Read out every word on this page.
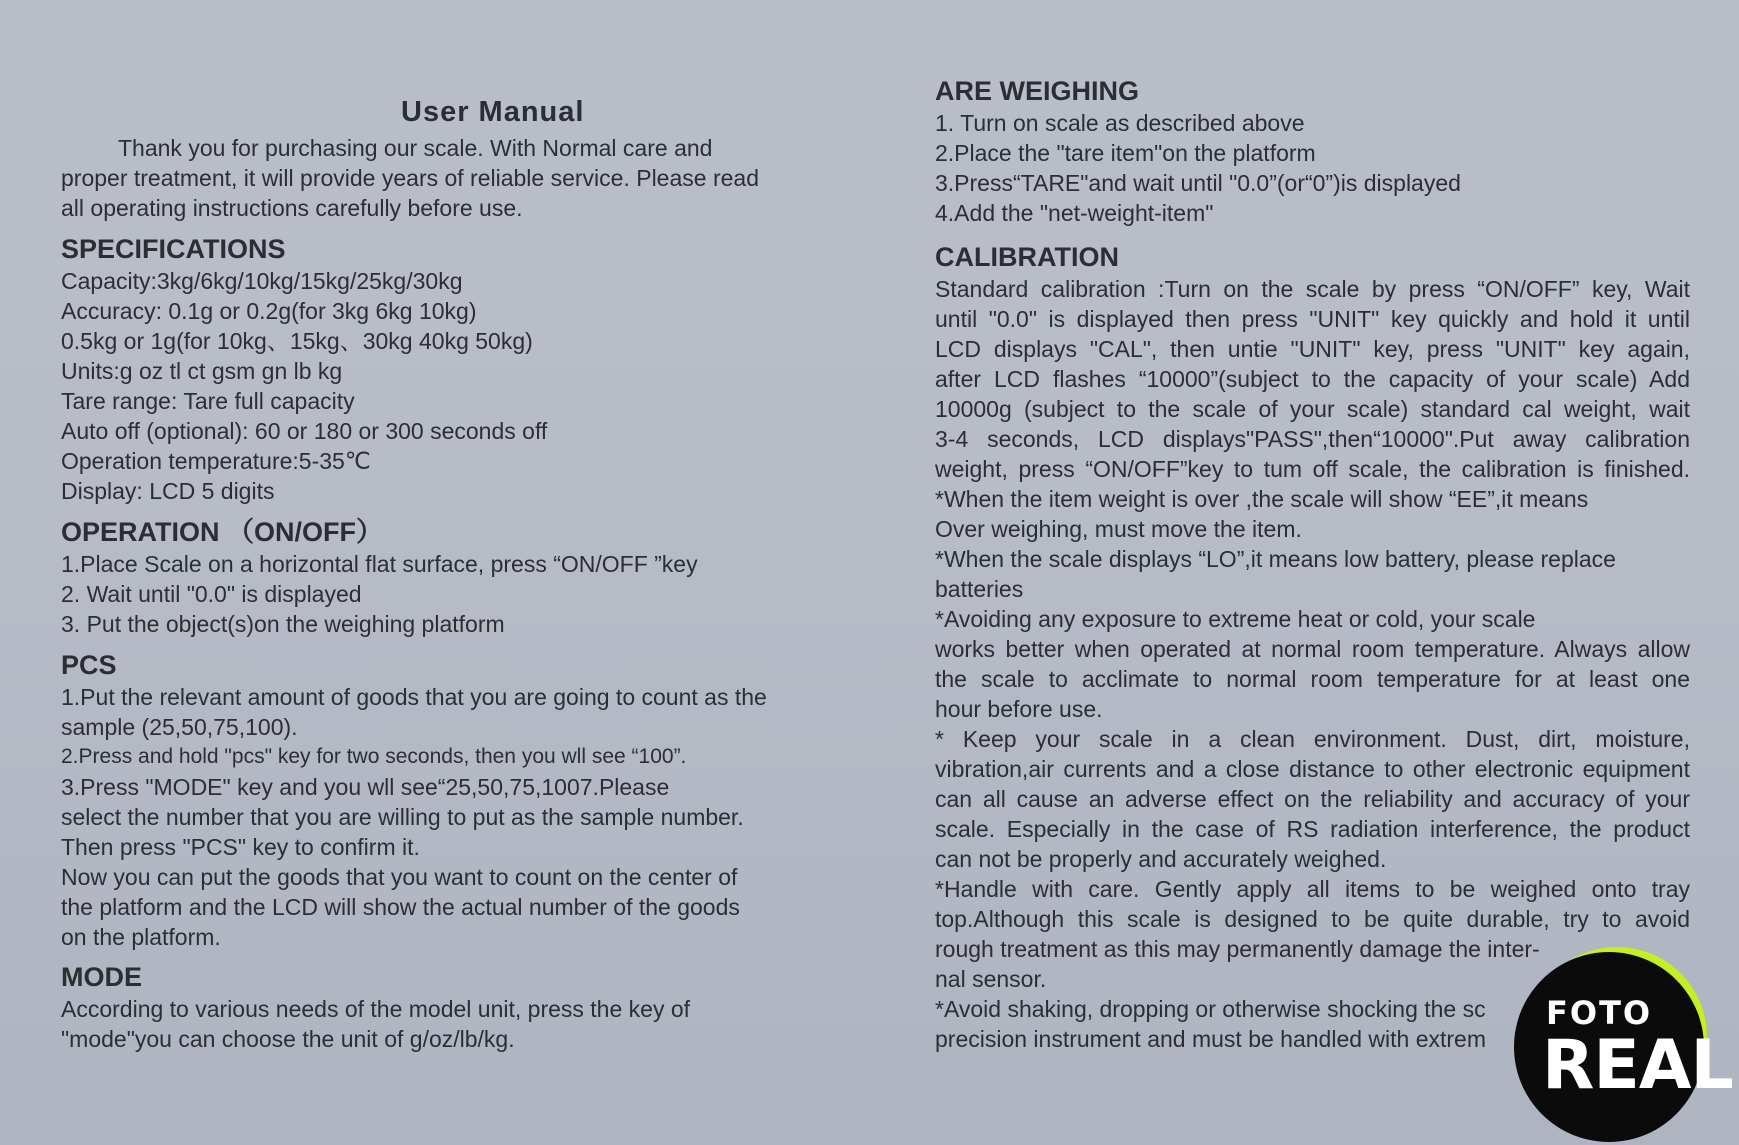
User Manual
Thank you for purchasing our scale. With Normal care and
proper treatment, it will provide years of reliable service. Please read
all operating instructions carefully before use.
SPECIFICATIONS
Capacity:3kg/6kg/10kg/15kg/25kg/30kg
Accuracy: 0.1g or 0.2g(for 3kg 6kg 10kg)
0.5kg or 1g(for 10kg、15kg、30kg 40kg 50kg)
Units:g oz tl ct gsm gn lb kg
Tare range: Tare full capacity
Auto off (optional): 60 or 180 or 300 seconds off
Operation temperature:5-35℃
Display: LCD 5 digits
OPERATION （ON/OFF）
1.Place Scale on a horizontal flat surface, press “ON/OFF ”key
2. Wait until "0.0" is displayed
3. Put the object(s)on the weighing platform
PCS
1.Put the relevant amount of goods that you are going to count as the
sample (25,50,75,100).
2.Press and hold "pcs" key for two seconds, then you wll see “100”.
3.Press "MODE" key and you wll see“25,50,75,1007.Please
select the number that you are willing to put as the sample number.
Then press "PCS" key to confirm it.
Now you can put the goods that you want to count on the center of
the platform and the LCD will show the actual number of the goods
on the platform.
MODE
According to various needs of the model unit, press the key of
"mode"you can choose the unit of g/oz/lb/kg.
ARE WEIGHING
1. Turn on scale as described above
2.Place the "tare item"on the platform
3.Press“TARE"and wait until "0.0”(or“0”)is displayed
4.Add the "net-weight-item"
CALIBRATION
Standard calibration :Turn on the scale by press “ON/OFF” key, Wait
until "0.0" is displayed then press "UNIT" key quickly and hold it until
LCD displays "CAL", then untie "UNIT" key, press "UNIT" key again,
after LCD flashes “10000”(subject to the capacity of your scale) Add
10000g (subject to the scale of your scale) standard cal weight, wait
3-4 seconds, LCD displays"PASS",then“10000".Put away calibration
weight, press “ON/OFF”key to tum off scale, the calibration is finished.
*When the item weight is over ,the scale will show “EE”,it means
Over weighing, must move the item.
*When the scale displays “LO”,it means low battery, please replace
batteries
*Avoiding any exposure to extreme heat or cold, your scale
works better when operated at normal room temperature. Always allow
the scale to acclimate to normal room temperature for at least one
hour before use.
* Keep your scale in a clean environment. Dust, dirt, moisture,
vibration,air currents and a close distance to other electronic equipment
can all cause an adverse effect on the reliability and accuracy of your
scale. Especially in the case of RS radiation interference, the product
can not be properly and accurately weighed.
*Handle with care. Gently apply all items to be weighed onto tray
top.Although this scale is designed to be quite durable, try to avoid
rough treatment as this may permanently damage the inter-
nal sensor.
*Avoid shaking, dropping or otherwise shocking the sc
precision instrument and must be handled with extrem
FOTO
REAL
